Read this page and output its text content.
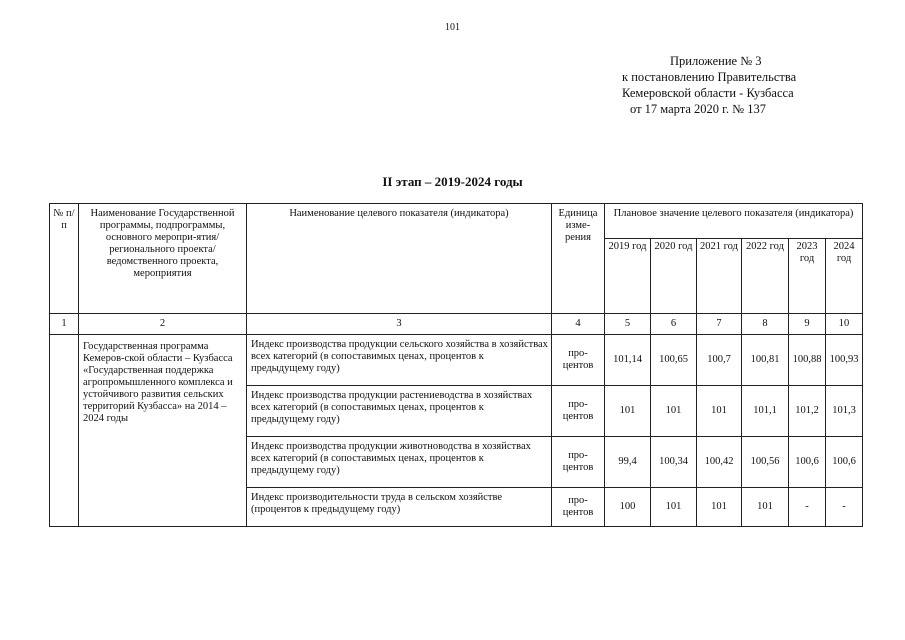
101
Приложение № 3
к постановлению Правительства
Кемеровской области - Кузбасса
от 17 марта 2020 г. № 137
II этап – 2019-2024 годы
№ п/п	Наименование Государственной программы, подпрограммы, основного меропри-ятия/регионального проекта/ведомственного проекта, мероприятия	Наименование целевого показателя (индикатора)	Единица изме-рения	Плановое значение целевого показателя (индикатора)					
				2019 год	2020 год	2021 год	2022 год	2023 год	2024 год
1	2	3	4	5	6	7	8	9	10
	Государственная программа Кемеров-ской области – Кузбасса «Государственная поддержка агропромышленного комплекса и устойчивого развития сельских территорий Кузбасса» на 2014 – 2024 годы	Индекс производства продукции сельского хозяйства в хозяйствах всех категорий (в сопоставимых ценах, процентов к предыдущему году)	про-центов	101,14	100,65	100,7	100,81	100,88	100,93
		Индекс производства продукции растениеводства в хозяйствах всех категорий (в сопоставимых ценах, процентов к предыдущему году)	про-центов	101	101	101	101,1	101,2	101,3
		Индекс производства продукции животноводства в хозяйствах всех категорий (в сопоставимых ценах, процентов к предыдущему году)	про-центов	99,4	100,34	100,42	100,56	100,6	100,6
		Индекс производительности труда в сельском хозяйстве (процентов к предыдущему году)	про-центов	100	101	101	101	-	-
